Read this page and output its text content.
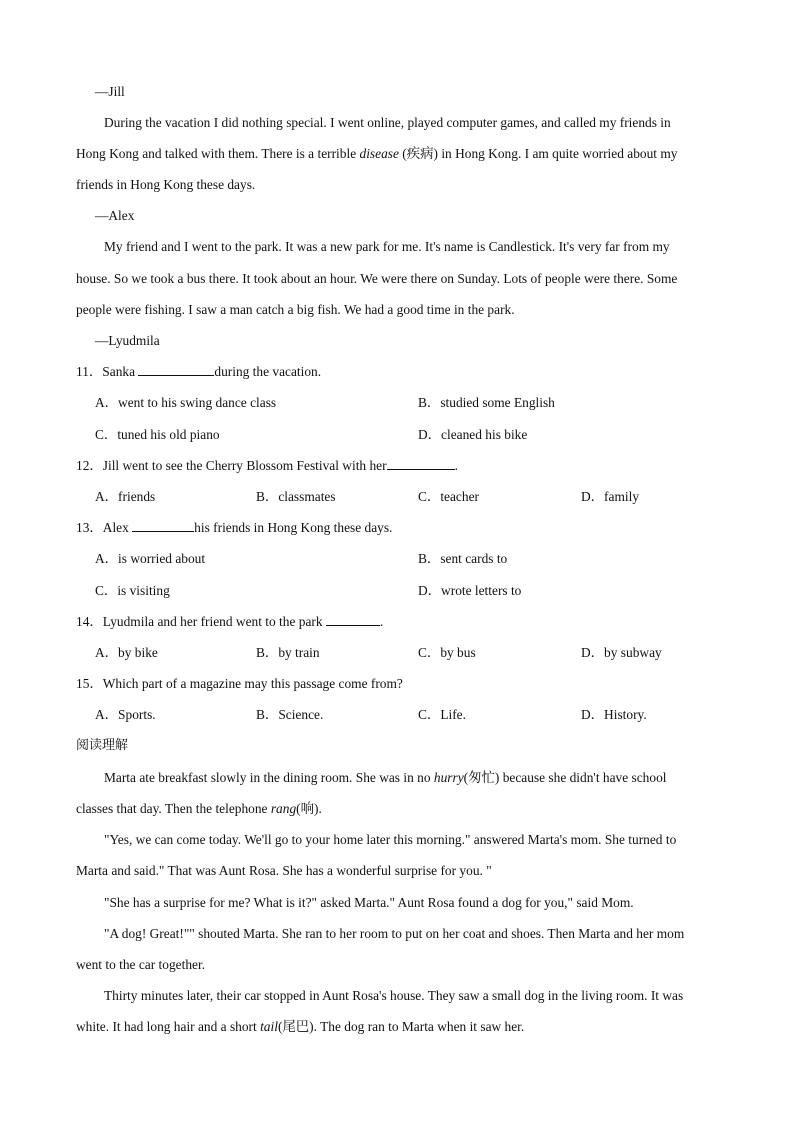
—Jill
During the vacation I did nothing special. I went online, played computer games, and called my friends in
Hong Kong and talked with them. There is a terrible disease (疾病) in Hong Kong. I am quite worried about my
friends in Hong Kong these days.
—Alex
My friend and I went to the park. It was a new park for me. It's name is Candlestick. It's very far from my
house. So we took a bus there. It took about an hour. We were there on Sunday. Lots of people were there. Some
people were fishing. I saw a man catch a big fish. We had a good time in the park.
—Lyudmila
11．Sanka	during the vacation.
A．went to his swing dance class	B．studied some English
C．tuned his old piano	D．cleaned his bike
12．Jill went to see the Cherry Blossom Festival with her	.
A．friends	B．classmates	C．teacher	D．family
13．Alex	his friends in Hong Kong these days.
A．is worried about	B．sent cards to
C．is visiting	D．wrote letters to
14．Lyudmila and her friend went to the park	.
A．by bike	B．by train	C．by bus	D．by subway
15．Which part of a magazine may this passage come from?
A．Sports.	B．Science.	C．Life.	D．History.
阅读理解
Marta ate breakfast slowly in the dining room. She was in no hurry(匆忙) because she didn't have school
classes that day. Then the telephone rang(响).
"Yes, we can come today. We'll go to your home later this morning." answered Marta's mom. She turned to
Marta and said." That was Aunt Rosa. She has a wonderful surprise for you. "
"She has a surprise for me? What is it?" asked Marta." Aunt Rosa found a dog for you," said Mom.
"A dog! Great!"" shouted Marta. She ran to her room to put on her coat and shoes. Then Marta and her mom
went to the car together.
Thirty minutes later, their car stopped in Aunt Rosa's house. They saw a small dog in the living room. It was
white. It had long hair and a short tail(尾巴). The dog ran to Marta when it saw her.
